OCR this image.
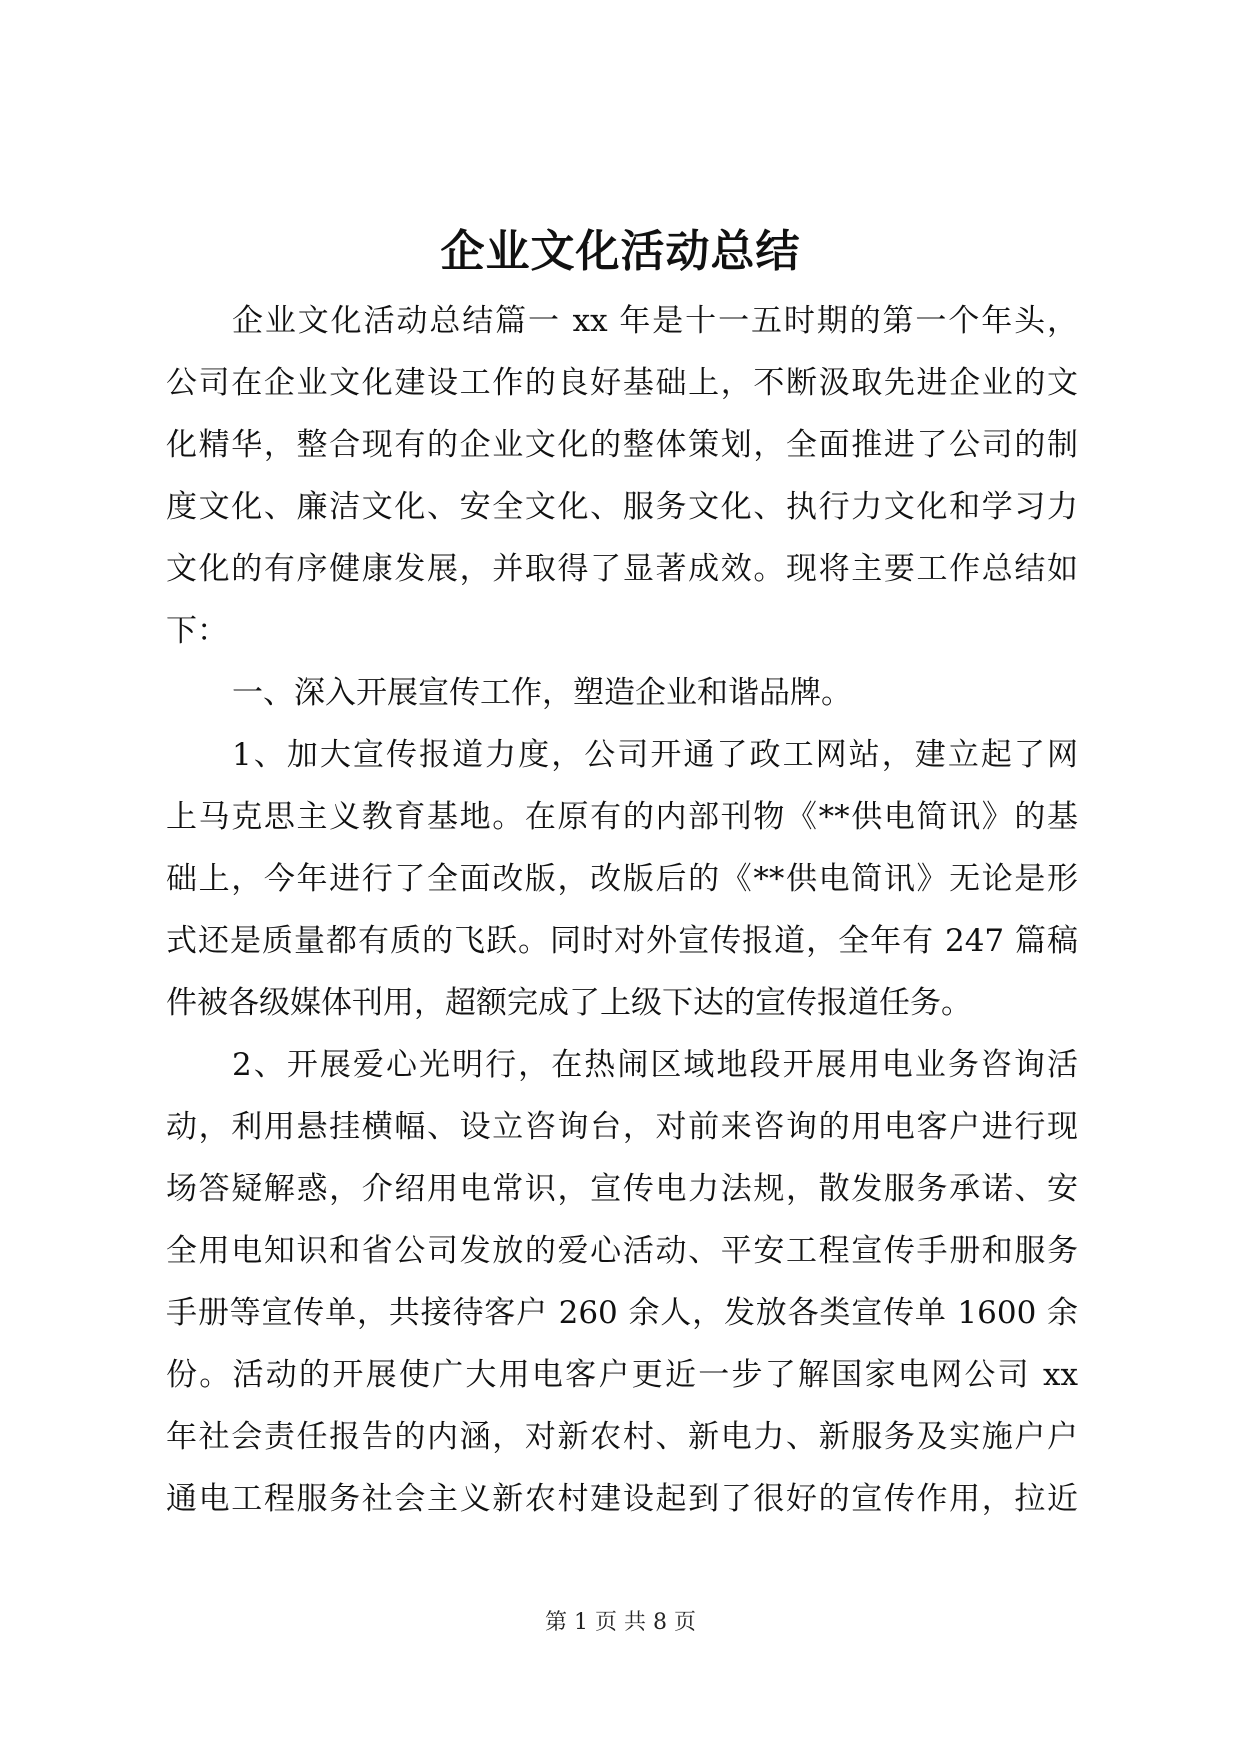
企业文化活动总结
企业文化活动总结篇一 xx 年是十一五时期的第一个年头，
公司在企业文化建设工作的良好基础上，不断汲取先进企业的文
化精华，整合现有的企业文化的整体策划，全面推进了公司的制
度文化、廉洁文化、安全文化、服务文化、执行力文化和学习力
文化的有序健康发展，并取得了显著成效。现将主要工作总结如
下：
一、深入开展宣传工作，塑造企业和谐品牌。
1、加大宣传报道力度，公司开通了政工网站，建立起了网
上马克思主义教育基地。在原有的内部刊物《**供电简讯》的基
础上，今年进行了全面改版，改版后的《**供电简讯》无论是形
式还是质量都有质的飞跃。同时对外宣传报道，全年有 247 篇稿
件被各级媒体刊用，超额完成了上级下达的宣传报道任务。
2、开展爱心光明行，在热闹区域地段开展用电业务咨询活
动，利用悬挂横幅、设立咨询台，对前来咨询的用电客户进行现
场答疑解惑，介绍用电常识，宣传电力法规，散发服务承诺、安
全用电知识和省公司发放的爱心活动、平安工程宣传手册和服务
手册等宣传单，共接待客户 260 余人，发放各类宣传单 1600 余
份。活动的开展使广大用电客户更近一步了解国家电网公司 xx
年社会责任报告的内涵，对新农村、新电力、新服务及实施户户
通电工程服务社会主义新农村建设起到了很好的宣传作用，拉近
第 1 页 共 8 页
